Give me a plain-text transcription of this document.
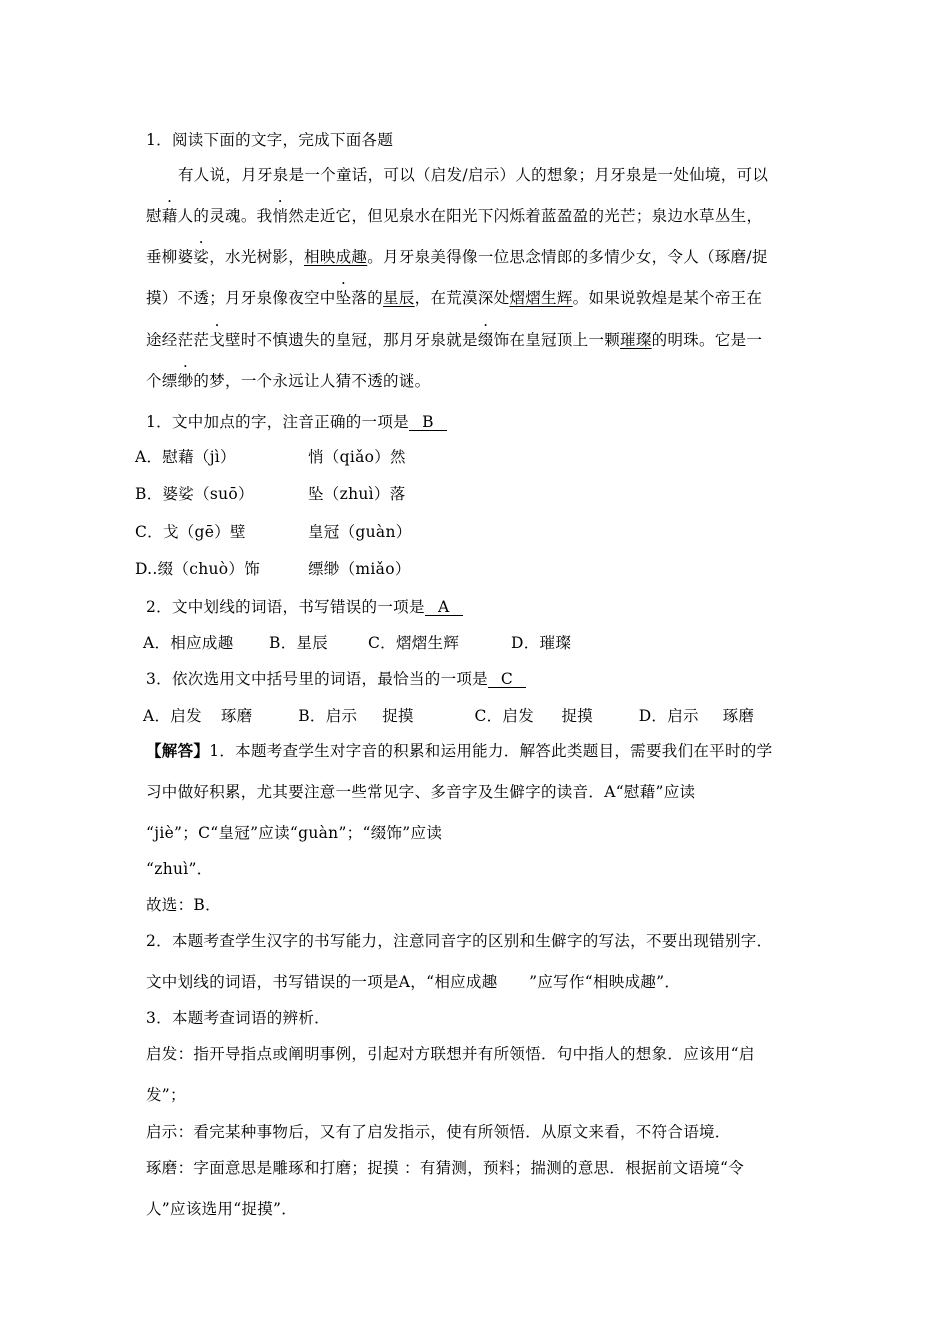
1．阅读下面的文字，完成下面各题
有人说，月牙泉是一个童话，可以（启发/启示）人的想象；月牙泉是一处仙境，可以
慰藉人的灵魂。我悄然走近它，但见泉水在阳光下闪烁着蓝盈盈的光芒；泉边水草丛生，
垂柳婆娑，水光树影，相映成趣。月牙泉美得像一位思念情郎的多情少女，令人（琢磨/捉
摸）不透；月牙泉像夜空中坠落的星辰，在荒漠深处熠熠生辉。如果说敦煌是某个帝王在
途经茫茫戈壁时不慎遗失的皇冠，那月牙泉就是缀饰在皇冠顶上一颗璀璨的明珠。它是一
个缥缈的梦，一个永远让人猜不透的谜。
1．文中加点的字，注音正确的一项是 B
A．慰藉（jì）	悄（qiǎo）然
B．婆娑（suō）	坠（zhuì）落
C．戈（gē）壁	皇冠（guàn）
D..缀（chuò）饰	缥缈（miǎo）
2．文中划线的词语，书写错误的一项是 A
A．相应成趣 B．星辰	C．熠熠生辉	D．璀璨
3．依次选用文中括号里的词语，最恰当的一项是 C
A．启发 琢磨	B．启示 捉摸	C．启发 捉摸	D．启示 琢磨
【解答】1．本题考查学生对字音的积累和运用能力．解答此类题目，需要我们在平时的学
习中做好积累，尤其要注意一些常见字、多音字及生僻字的读音．A“慰藉”应读
“jiè”；C“皇冠”应读“guàn”；“缀饰”应读
“zhuì”．
故选：B．
2．本题考查学生汉字的书写能力，注意同音字的区别和生僻字的写法，不要出现错别字．
文中划线的词语，书写错误的一项是A，“相应成趣　　”应写作“相映成趣”．
3．本题考查词语的辨析．
启发：指开导指点或阐明事例，引起对方联想并有所领悟．句中指人的想象．应该用“启
发”；
启示：看完某种事物后，又有了启发指示，使有所领悟．从原文来看，不符合语境．
琢磨：字面意思是雕琢和打磨；捉摸 ：有猜测，预料；揣测的意思．根据前文语境“令
人”应该选用“捉摸”．
